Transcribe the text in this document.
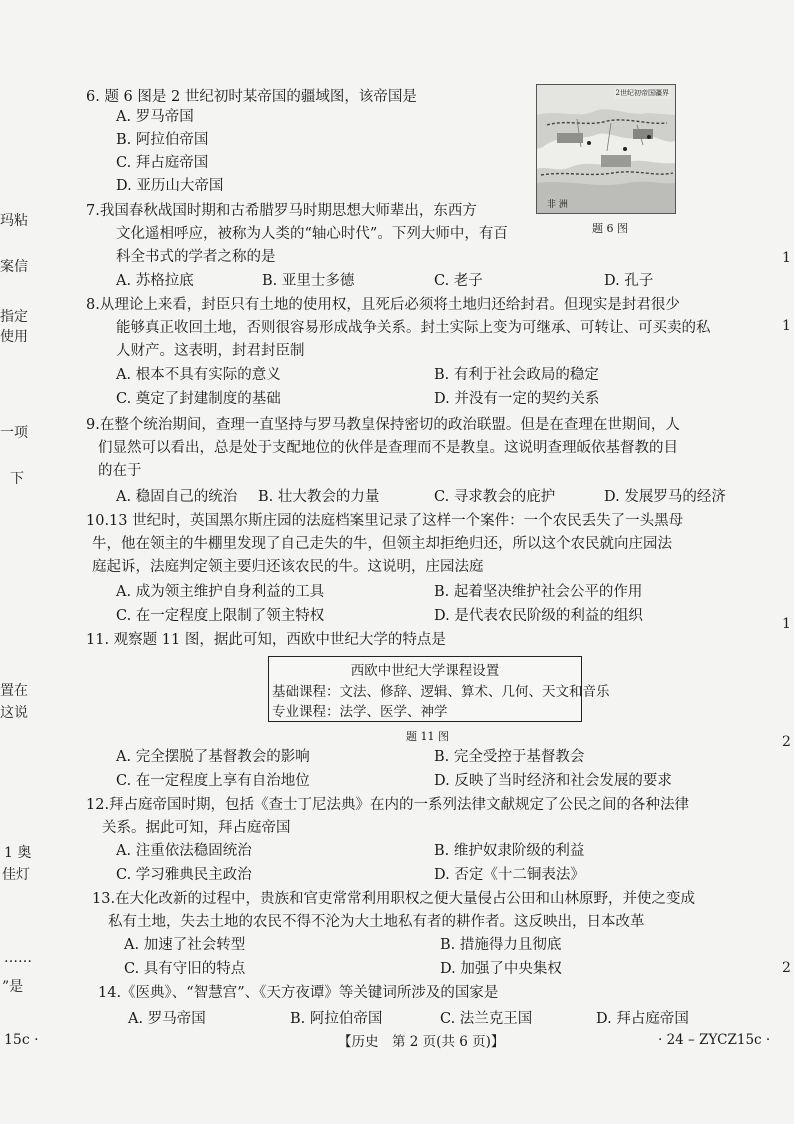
玛粘
案信
指定
使用
一项
下
置在
这说
1 奥
佳灯
……
”是
15c ·
1
1
1
2
2
6. 题 6 图是 2 世纪初时某帝国的疆域图，该帝国是
A. 罗马帝国
B. 阿拉伯帝国
C. 拜占庭帝国
D. 亚历山大帝国
2世纪初帝国疆界
非 洲
题 6 图
7.我国春秋战国时期和古希腊罗马时期思想大师辈出，东西方
文化遥相呼应，被称为人类的“轴心时代”。下列大师中，有百
科全书式的学者之称的是
A. 苏格拉底	B. 亚里士多德	C. 老子	D. 孔子
8.从理论上来看，封臣只有土地的使用权，且死后必须将土地归还给封君。但现实是封君很少
能够真正收回土地，否则很容易形成战争关系。封土实际上变为可继承、可转让、可买卖的私
人财产。这表明，封君封臣制
A. 根本不具有实际的意义	B. 有利于社会政局的稳定
C. 奠定了封建制度的基础	D. 并没有一定的契约关系
9.在整个统治期间，查理一直坚持与罗马教皇保持密切的政治联盟。但是在查理在世期间，人
们显然可以看出，总是处于支配地位的伙伴是查理而不是教皇。这说明查理皈依基督教的目
的在于
A. 稳固自己的统治 B. 壮大教会的力量	C. 寻求教会的庇护	D. 发展罗马的经济
10.13 世纪时，英国黑尔斯庄园的法庭档案里记录了这样一个案件：一个农民丢失了一头黑母
牛，他在领主的牛棚里发现了自己走失的牛，但领主却拒绝归还，所以这个农民就向庄园法
庭起诉，法庭判定领主要归还该农民的牛。这说明，庄园法庭
A. 成为领主维护自身利益的工具	B. 起着坚决维护社会公平的作用
C. 在一定程度上限制了领主特权	D. 是代表农民阶级的利益的组织
11. 观察题 11 图，据此可知，西欧中世纪大学的特点是
西欧中世纪大学课程设置
基础课程：文法、修辞、逻辑、算术、几何、天文和音乐
专业课程：法学、医学、神学
题 11 图
A. 完全摆脱了基督教会的影响	B. 完全受控于基督教会
C. 在一定程度上享有自治地位	D. 反映了当时经济和社会发展的要求
12.拜占庭帝国时期，包括《查士丁尼法典》在内的一系列法律文献规定了公民之间的各种法律
关系。据此可知，拜占庭帝国
A. 注重依法稳固统治	B. 维护奴隶阶级的利益
C. 学习雅典民主政治	D. 否定《十二铜表法》
13.在大化改新的过程中，贵族和官吏常常利用职权之便大量侵占公田和山林原野，并使之变成
私有土地，失去土地的农民不得不沦为大土地私有者的耕作者。这反映出，日本改革
A. 加速了社会转型	B. 措施得力且彻底
C. 具有守旧的特点	D. 加强了中央集权
14.《医典》、“智慧宫”、《天方夜谭》等关键词所涉及的国家是
A. 罗马帝国	B. 阿拉伯帝国	C. 法兰克王国	D. 拜占庭帝国
【历史　第 2 页(共 6 页)】	· 24 – ZYCZ15c ·
